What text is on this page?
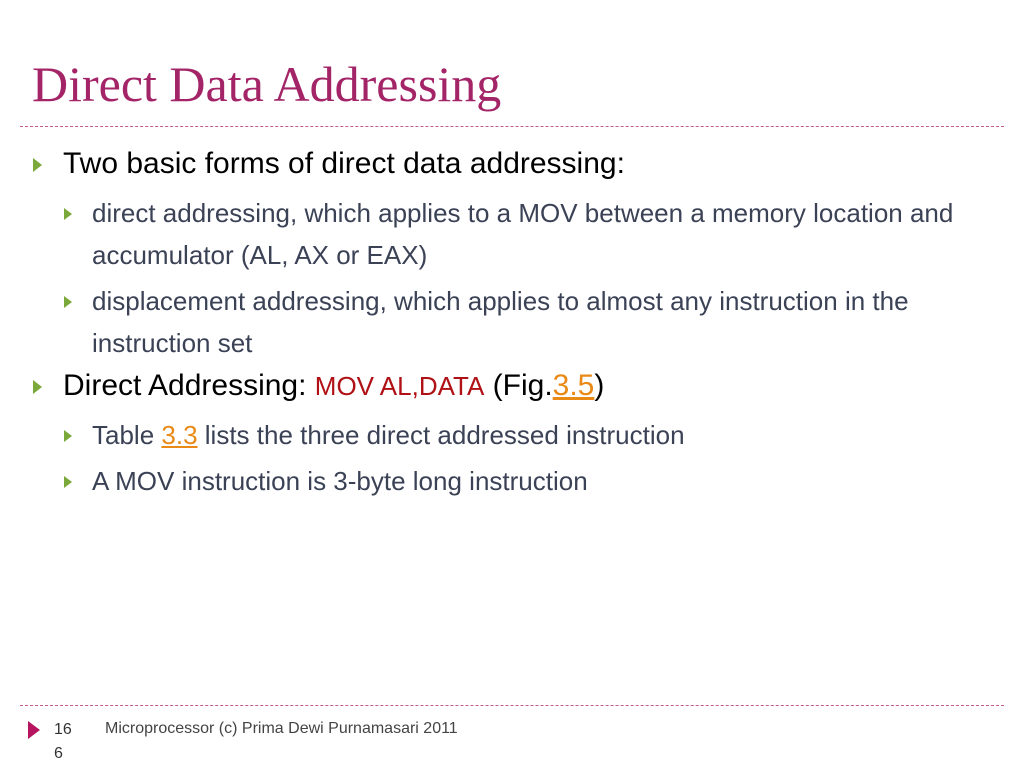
Direct Data Addressing
Two basic forms of direct data addressing:
direct addressing, which applies to a MOV between a memory location and accumulator (AL, AX or EAX)
displacement addressing, which applies to almost any instruction in the instruction set
Direct Addressing: MOV AL,DATA (Fig.3.5)
Table 3.3 lists the three direct addressed instruction
A MOV instruction is 3-byte long instruction
166
Microprocessor (c) Prima Dewi Purnamasari 2011
